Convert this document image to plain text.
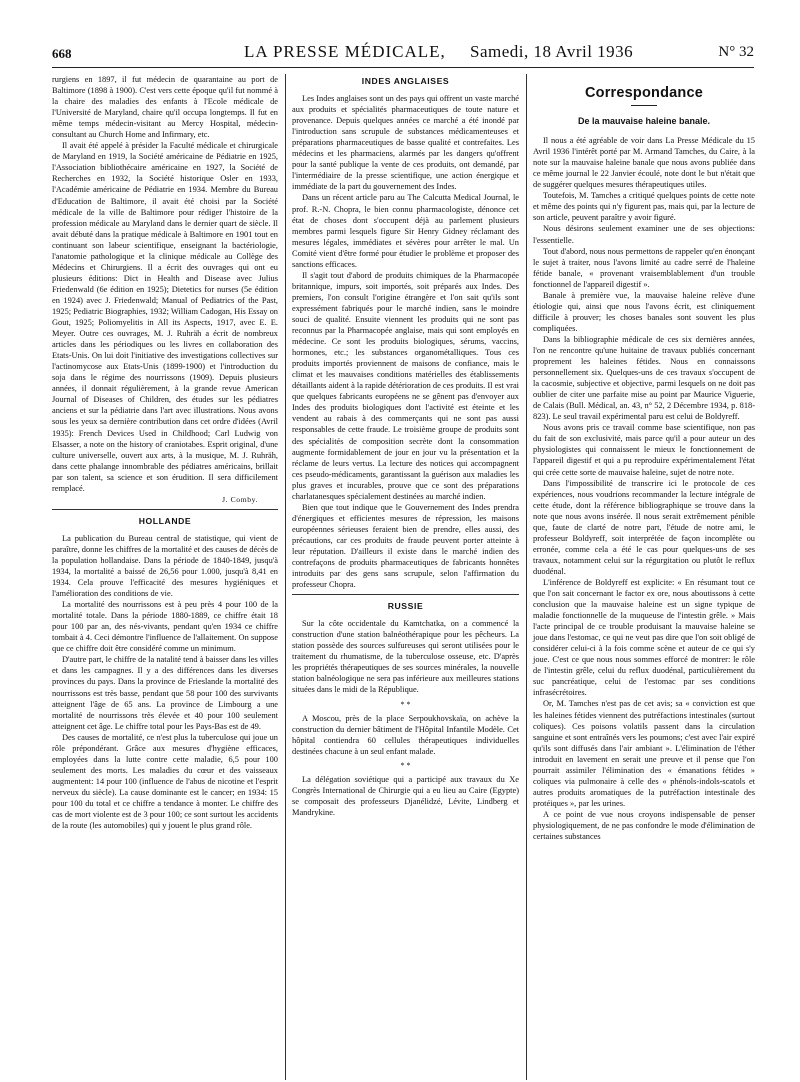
668	LA PRESSE MÉDICALE, Samedi, 18 Avril 1936	N° 32

rurgiens en 1897, il fut médecin de quarantaine au port de Baltimore (1898 à 1900). C'est vers cette époque qu'il fut nommé à la chaire des maladies des enfants à l'Ecole médicale de l'Université de Maryland, chaire qu'il occupa longtemps. Il fut en même temps médecin-visitant au Mercy Hospital, médecin-consultant au Church Home and Infirmary, etc.

Il avait été appelé à présider la Faculté médicale et chirurgicale de Maryland en 1919, la Société américaine de Pédiatrie en 1925, l'Association bibliothécaire américaine en 1927, la Société de Recherches en 1932, la Société historique Osler en 1933, l'Académie américaine de Pédiatrie en 1934. Membre du Bureau d'Education de Baltimore, il avait été choisi par la Société médicale de la ville de Baltimore pour rédiger l'histoire de la profession médicale au Maryland dans le dernier quart de siècle. Il avait débuté dans la pratique médicale à Baltimore en 1901 tout en continuant son labeur scientifique, enseignant la bactériologie, l'anatomie pathologique et la clinique médicale au Collège des Médecins et Chirurgiens. Il a écrit des ouvrages qui ont eu plusieurs éditions: Dict in Health and Disease avec Julius Friedenwald (6e édition en 1925); Dietetics for nurses (5e édition en 1924) avec J. Friedenwald; Manual of Pediatrics of the Past, 1925; Pediatric Biographies, 1932; William Cadogan, His Essay on Gout, 1925; Poliomyelitis in All its Aspects, 1917, avec E. E. Meyer. Outre ces ouvrages, M. J. Ruhräh a écrit de nombreux articles dans les périodiques ou les livres en collaboration des Etats-Unis. On lui doit l'initiative des investigations collectives sur l'actinomycose aux Etats-Unis (1899-1900) et l'introduction du soja dans le régime des nourrissons (1909). Depuis plusieurs années, il donnait régulièrement, à la grande revue American Journal of Diseases of Children, des études sur les pédiatres anciens et sur la pédiatrie dans l'art avec illustrations. Nous avons sous les yeux sa dernière contribution dans cet ordre d'idées (Avril 1935): French Devices Used in Childhood; Carl Ludwig von Elsasser, a note on the history of craniotabes. Esprit original, d'une culture universelle, ouvert aux arts, à la musique, M. J. Ruhräh, dans cette phalange innombrable des pédiatres américains, brillait par son talent, sa science et son érudition. Il sera difficilement remplacé.

J. Comby.
HOLLANDE

La publication du Bureau central de statistique, qui vient de paraître, donne les chiffres de la mortalité et des causes de décès de la population hollandaise. Dans la période de 1840-1849, jusqu'à 1934, la mortalité a baissé de 26,56 pour 1.000, jusqu'à 8,41 en 1934. Cela prouve l'efficacité des mesures hygiéniques et l'amélioration des conditions de vie.

La mortalité des nourrissons est à peu près 4 pour 100 de la mortalité totale. Dans la période 1880-1889, ce chiffre était 18 pour 100 par an, des nés-vivants, pendant qu'en 1934 ce chiffre tombait à 4. Ceci démontre l'influence de l'allaitement. On suppose que ce chiffre doit être considéré comme un minimum.

D'autre part, le chiffre de la natalité tend à baisser dans les villes et dans les campagnes. Il y a des différences dans les diverses provinces du pays. Dans la province de Frieslande la mortalité des nourrissons est très basse, pendant que 58 pour 100 des survivants atteignent l'âge de 65 ans. La province de Limbourg a une mortalité de nourrissons très élevée et 40 pour 100 seulement atteignent cet âge. Le chiffre total pour les Pays-Bas est de 49.

Des causes de mortalité, ce n'est plus la tuberculose qui joue un rôle prépondérant. Grâce aux mesures d'hygiène efficaces, employées dans la lutte contre cette maladie, 6,5 pour 100 seulement des morts. Les maladies du cœur et des vaisseaux augmentent: 14 pour 100 (influence de l'abus de nicotine et l'esprit nerveux du siècle). La cause dominante est le cancer; en 1934: 15 pour 100 du total et ce chiffre a tendance à monter. Le chiffre des cas de mort violente est de 3 pour 100; ce sont surtout les accidents de la route (les automobiles) qui y jouent le plus grand rôle.

INDES ANGLAISES

Les Indes anglaises sont un des pays qui offrent un vaste marché aux produits et spécialités pharmaceutiques de toute nature et provenance. Depuis quelques années ce marché a été inondé par l'introduction sans scrupule de substances médicamenteuses et préparations pharmaceutiques de basse qualité et contrefaites. Les médecins et les pharmaciens, alarmés par les dangers qu'offrent pour la santé publique la vente de ces produits, ont demandé, par l'intermédiaire de la presse scientifique, une action énergique et immédiate de la part du gouvernement des Indes.

Dans un récent article paru au The Calcutta Medical Journal, le prof. R.-N. Chopra, le bien connu pharmacologiste, dénonce cet état de choses dont s'occupent déjà au parlement plusieurs membres parmi lesquels figure Sir Henry Gidney réclamant des mesures légales, immédiates et sévères pour arrêter le mal. Un Comité vient d'être formé pour étudier le problème et proposer des sanctions efficaces.

Il s'agit tout d'abord de produits chimiques de la Pharmacopée britannique, impurs, soit importés, soit préparés aux Indes. Des premiers, l'on consult l'origine étrangère et l'on sait qu'ils sont expressément fabriqués pour le marché indien, sans le moindre souci de qualité. Ensuite viennent les produits qui ne sont pas reconnus par la Pharmacopée anglaise, mais qui sont employés en médecine. Ce sont les produits biologiques, sérums, vaccins, hormones, etc.; les substances organométalliques. Tous ces produits importés proviennent de maisons de confiance, mais le climat et les mauvaises conditions matérielles des établissements détaillants aident à la rapide détérioration de ces produits. Il est vrai que quelques fabricants européens ne se gênent pas d'envoyer aux Indes des produits biologiques dont l'activité est éteinte et les vendent au rabais à des commerçants qui ne sont pas aussi responsables de cette fraude. Le troisième groupe de produits sont des spécialités de composition secrète dont la consommation augmente formidablement de jour en jour vu la présentation et la réclame de leurs vertus. La lecture des notices qui accompagnent ces pseudo-médicaments, garantissant la guérison aux maladies les plus graves et incurables, prouve que ce sont des préparations charlatanesques spécialement destinées au marché indien.

Bien que tout indique que le Gouvernement des Indes prendra d'énergiques et efficientes mesures de répression, les maisons européennes sérieuses feraient bien de prendre, elles aussi, des précautions, car ces produits de fraude peuvent porter atteinte à leur réputation. D'ailleurs il existe dans le marché indien des contrefaçons de produits pharmaceutiques de fabricants honnêtes introduits par des gens sans scrupule, selon l'affirmation du professeur Chopra.

RUSSIE

Sur la côte occidentale du Kamtchatka, on a commencé la construction d'une station balnéothérapique pour les pêcheurs. La station possède des sources sulfureuses qui seront utilisées pour le traitement du rhumatisme, de la tuberculose osseuse, etc. D'après les propriétés thérapeutiques de ses sources minérales, la nouvelle station balnéologique ne sera pas inférieure aux meilleures stations situées dans le midi de la République.

* *

A Moscou, près de la place Serpoukhovskaïa, on achève la construction du dernier bâtiment de l'Hôpital Infantile Modèle. Cet hôpital contiendra 60 cellules thérapeutiques individuelles destinées chacune à un seul enfant malade.

* *

La délégation soviétique qui a participé aux travaux du Xe Congrès International de Chirurgie qui a eu lieu au Caire (Egypte) se composait des professeurs Djanélidzé, Lévite, Lindberg et Mandrykine.

Correspondance
De la mauvaise haleine banale.

Il nous a été agréable de voir dans La Presse Médicale du 15 Avril 1936 l'intérêt porté par M. Armand Tamches, du Caire, à la note sur la mauvaise haleine banale que nous avons publiée dans ce même journal le 22 Janvier écoulé, note dont le but n'était que de suggérer quelques mesures thérapeutiques utiles.

Toutefois, M. Tamches a critiqué quelques points de cette note et même des points qui n'y figurent pas, mais qui, par la lecture de son article, peuvent paraître y avoir figuré.

Nous désirons seulement examiner une de ses objections: l'essentielle.

Tout d'abord, nous nous permettons de rappeler qu'en énonçant le sujet à traiter, nous l'avons limité au cadre serré de l'haleine fétide banale, « provenant vraisemblablement d'un trouble fonctionnel de l'appareil digestif ».

Banale à première vue, la mauvaise haleine relève d'une étiologie qui, ainsi que nous l'avons écrit, est cliniquement difficile à prouver; les choses banales sont souvent les plus compliquées.

Dans la bibliographie médicale de ces six dernières années, l'on ne rencontre qu'une huitaine de travaux publiés concernant proprement les haleines fétides. Nous en connaissons personnellement six. Quelques-uns de ces travaux s'occupent de la cacosmie, subjective et objective, parmi lesquels on ne doit pas oublier de citer une parfaite mise au point par Maurice Viguerie, de Calais (Bull. Médical, an. 43, n° 52, 2 Décembre 1934, p. 818-823). Le seul travail expérimental paru est celui de Boldyreff.

Nous avons pris ce travail comme base scientifique, non pas du fait de son exclusivité, mais parce qu'il a pour auteur un des physiologistes qui connaissent le mieux le fonctionnement de l'appareil digestif et qui a pu reproduire expérimentalement l'état qui crée cette sorte de mauvaise haleine, sujet de notre note.

Dans l'impossibilité de transcrire ici le protocole de ces expériences, nous voudrions recommander la lecture intégrale de cette étude, dont la référence bibliographique se trouve dans la note que nous avons insérée. Il nous serait extrêmement pénible que, faute de clarté de notre part, l'étude de notre ami, le professeur Boldyreff, soit interprétée de façon incomplète ou erronée, comme cela a été le cas pour quelques-uns de ses travaux, notamment celui sur la régurgitation ou plutôt le reflux duodénal.

L'inférence de Boldyreff est explicite: « En résumant tout ce que l'on sait concernant le factor ex ore, nous aboutissons à cette conclusion que la mauvaise haleine est un signe typique de maladie fonctionnelle de la muqueuse de l'intestin grêle. » Mais l'acte principal de ce trouble produisant la mauvaise haleine se joue dans l'estomac, ce qui ne veut pas dire que l'on soit obligé de considérer celui-ci à la fois comme scène et auteur de ce qui s'y joue. C'est ce que nous nous sommes efforcé de montrer: le rôle de l'intestin grêle, celui du reflux duodénal, particulièrement du suc pancréatique, celui de l'estomac par ses conditions infrasécrétoires.

Or, M. Tamches n'est pas de cet avis; sa « conviction est que les haleines fétides viennent des putréfactions intestinales (surtout coliques). Ces poisons volatils passent dans la circulation sanguine et sont entraînés vers les poumons; c'est avec l'air expiré qu'ils sont diffusés dans l'air ambiant ». L'élimination de l'éther introduit en lavement en serait une preuve et il pense que l'on pourrait assimiler l'élimination des « émanations fétides » coliques via pulmonaire à celle des « phénols-indols-scatols et autres produits aromatiques de la putréfaction intestinale des protéiques », par les urines.

A ce point de vue nous croyons indispensable de penser physiologiquement, de ne pas confondre le mode d'élimination de certaines substances
